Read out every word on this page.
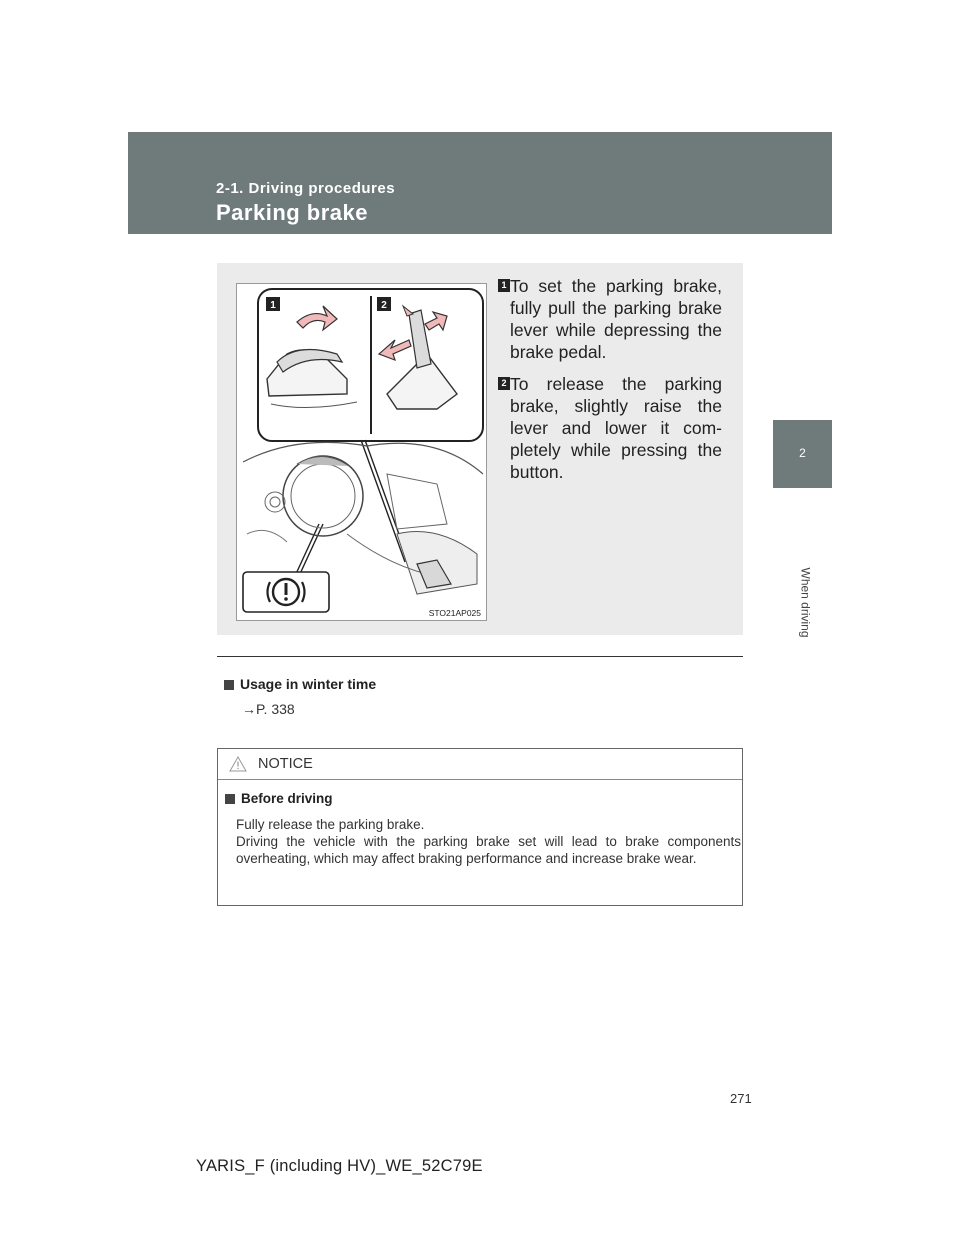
2-1. Driving procedures
Parking brake
2
When driving
1	2
STO21AP025
1 To set the parking brake, fully pull the parking brake lever while depressing the brake pedal.
2 To release the parking brake, slightly raise the lever and lower it com-pletely while pressing the button.
Usage in winter time
→P. 338
NOTICE
Before driving

Fully release the parking brake.

Driving the vehicle with the parking brake set will lead to brake components overheating, which may affect braking performance and increase brake wear.

271
YARIS_F (including HV)_WE_52C79E
